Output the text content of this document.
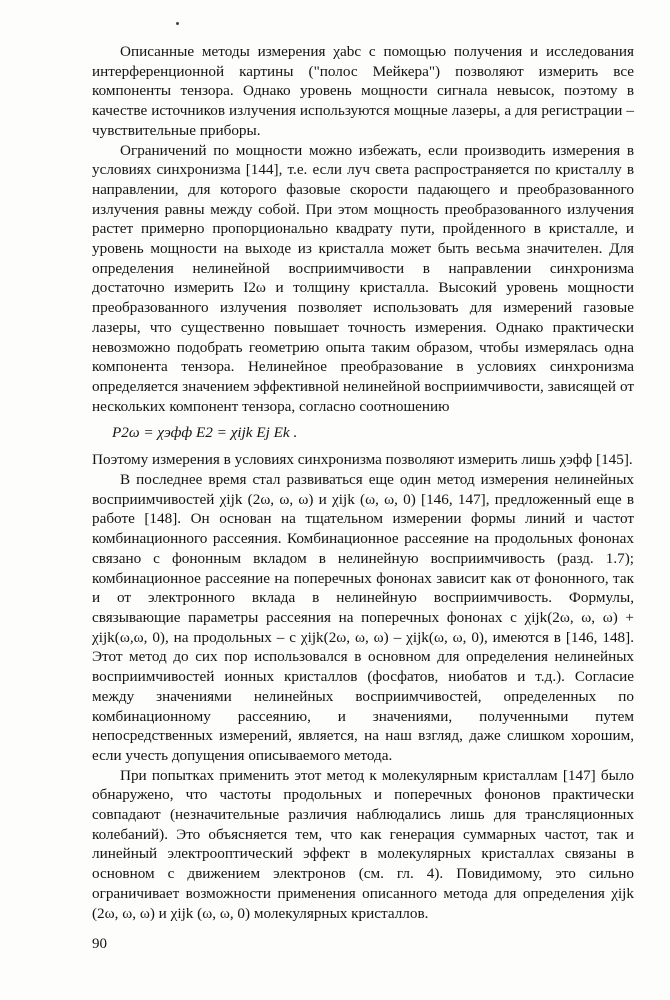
Описанные методы измерения χabc с помощью получения и исследования интерференционной картины ("полос Мейкера") позволяют измерить все компоненты тензора. Однако уровень мощности сигнала невысок, поэтому в качестве источников излучения используются мощные лазеры, а для регистрации – чувствительные приборы.

Ограничений по мощности можно избежать, если производить измерения в условиях синхронизма [144], т.е. если луч света распространяется по кристаллу в направлении, для которого фазовые скорости падающего и преобразованного излучения равны между собой. При этом мощность преобразованного излучения растет примерно пропорционально квадрату пути, пройденного в кристалле, и уровень мощности на выходе из кристалла может быть весьма значителен. Для определения нелинейной восприимчивости в направлении синхронизма достаточно измерить I2ω и толщину кристалла. Высокий уровень мощности преобразованного излучения позволяет использовать для измерений газовые лазеры, что существенно повышает точность измерения. Однако практически невозможно подобрать геометрию опыта таким образом, чтобы измерялась одна компонента тензора. Нелинейное преобразование в условиях синхронизма определяется значением эффективной нелинейной восприимчивости, зависящей от нескольких компонент тензора, согласно соотношению

P2ω = χэфф E2 = χijk Ej Ek .

Поэтому измерения в условиях синхронизма позволяют измерить лишь χэфф [145].

В последнее время стал развиваться еще один метод измерения нелинейных восприимчивостей χijk (2ω, ω, ω) и χijk (ω, ω, 0) [146, 147], предложенный еще в работе [148]. Он основан на тщательном измерении формы линий и частот комбинационного рассеяния. Комбинационное рассеяние на продольных фононах связано с фононным вкладом в нелинейную восприимчивость (разд. 1.7); комбинационное рассеяние на поперечных фононах зависит как от фононного, так и от электронного вклада в нелинейную восприимчивость. Формулы, связывающие параметры рассеяния на поперечных фононах с χijk(2ω, ω, ω) + χijk(ω,ω, 0), на продольных – с χijk(2ω, ω, ω) – χijk(ω, ω, 0), имеются в [146, 148]. Этот метод до сих пор использовался в основном для определения нелинейных восприимчивостей ионных кристаллов (фосфатов, ниобатов и т.д.). Согласие между значениями нелинейных восприимчивостей, определенных по комбинационному рассеянию, и значениями, полученными путем непосредственных измерений, является, на наш взгляд, даже слишком хорошим, если учесть допущения описываемого метода.

При попытках применить этот метод к молекулярным кристаллам [147] было обнаружено, что частоты продольных и поперечных фононов практически совпадают (незначительные различия наблюдались лишь для трансляционных колебаний). Это объясняется тем, что как генерация суммарных частот, так и линейный электрооптический эффект в молекулярных кристаллах связаны в основном с движением электронов (см. гл. 4). Повидимому, это сильно ограничивает возможности применения описанного метода для определения χijk (2ω, ω, ω) и χijk (ω, ω, 0) молекулярных кристаллов.

90
